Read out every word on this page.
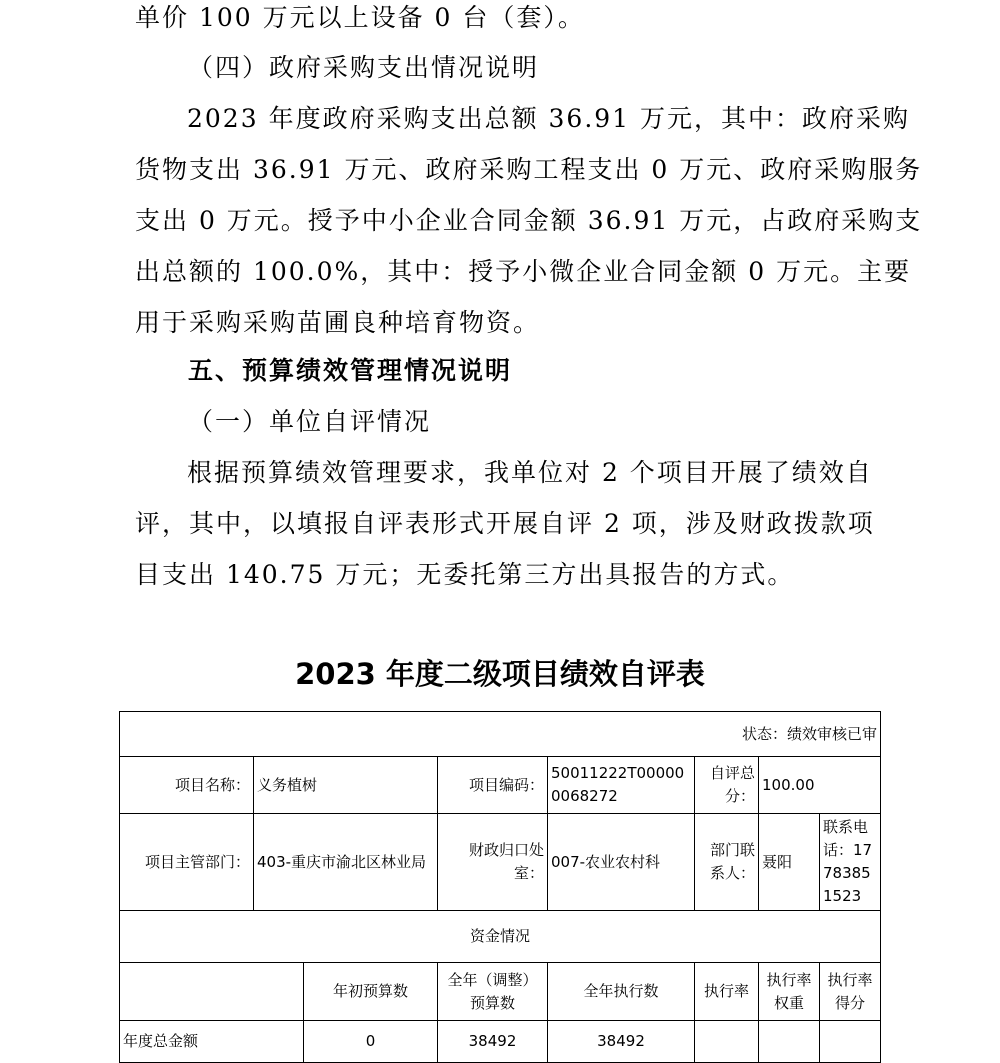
单价 100 万元以上设备 0 台（套）。

（四）政府采购支出情况说明

2023 年度政府采购支出总额 36.91 万元，其中：政府采购
货物支出 36.91 万元、政府采购工程支出 0 万元、政府采购服务
支出 0 万元。授予中小企业合同金额 36.91 万元，占政府采购支
出总额的 100.0%，其中：授予小微企业合同金额 0 万元。主要
用于采购采购苗圃良种培育物资。

五、预算绩效管理情况说明

（一）单位自评情况

根据预算绩效管理要求，我单位对 2 个项目开展了绩效自
评，其中，以填报自评表形式开展自评 2 项，涉及财政拨款项
目支出 140.75 万元；无委托第三方出具报告的方式。

2023 年度二级项目绩效自评表
状态：绩效审核已审							
项目名称：	义务植树		项目编码：	50011222T000000068272	自评总分：	100.00	
项目主管部门：	403-重庆市渝北区林业局		财政归口处室：	007-农业农村科	部门联系人：	聂阳	联系电话：17783851523
资金情况							
		年初预算数	全年（调整）预算数	全年执行数	执行率	执行率权重	执行率得分
年度总金额		0	38492	38492			
